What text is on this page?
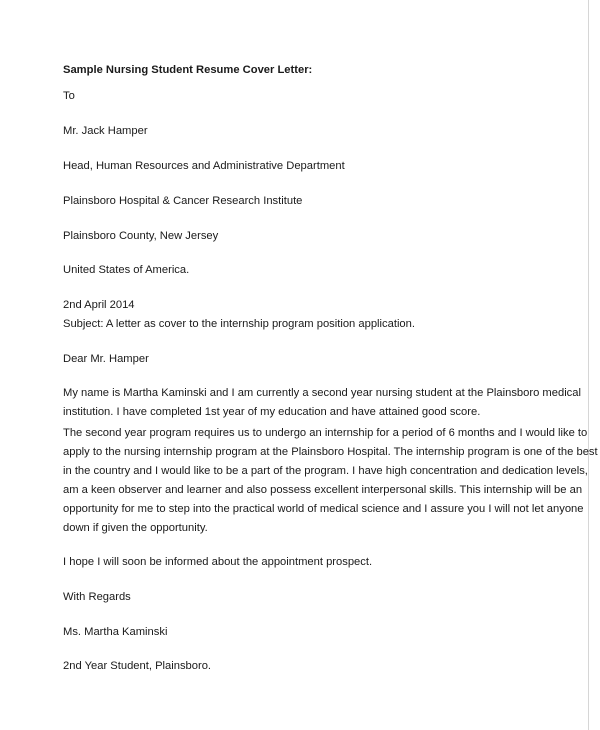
Sample Nursing Student Resume Cover Letter:
To
Mr. Jack Hamper
Head, Human Resources and Administrative Department
Plainsboro Hospital & Cancer Research Institute
Plainsboro County, New Jersey
United States of America.
2nd April 2014
Subject: A letter as cover to the internship program position application.
Dear Mr. Hamper
My name is Martha Kaminski and I am currently a second year nursing student at the Plainsboro medical
institution. I have completed 1st year of my education and have attained good score.
The second year program requires us to undergo an internship for a period of 6 months and I would like to
apply to the nursing internship program at the Plainsboro Hospital. The internship program is one of the best
in the country and I would like to be a part of the program. I have high concentration and dedication levels,
am a keen observer and learner and also possess excellent interpersonal skills. This internship will be an
opportunity for me to step into the practical world of medical science and I assure you I will not let anyone
down if given the opportunity.
I hope I will soon be informed about the appointment prospect.
With Regards
Ms. Martha Kaminski
2nd Year Student, Plainsboro.
